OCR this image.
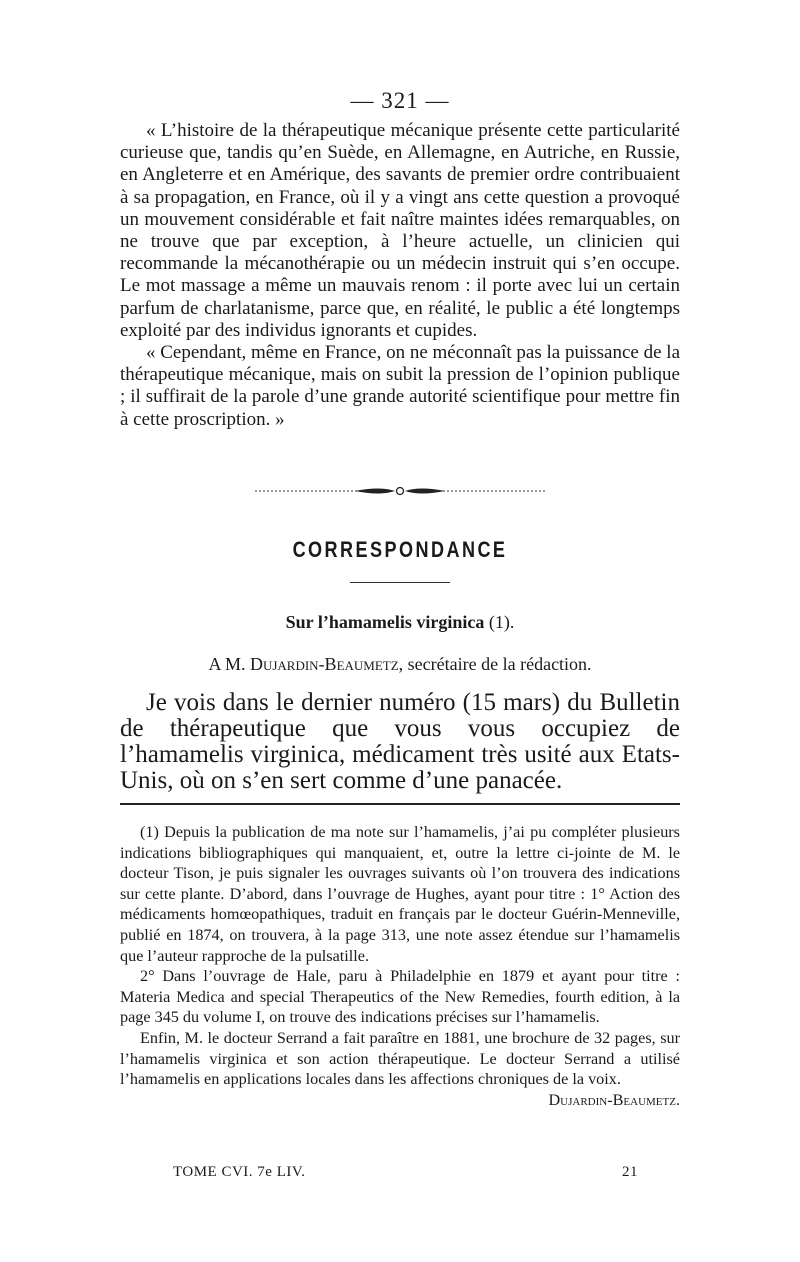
— 321 —

« L’histoire de la thérapeutique mécanique présente cette particularité curieuse que, tandis qu’en Suède, en Allemagne, en Autriche, en Russie, en Angleterre et en Amérique, des savants de premier ordre contribuaient à sa propagation, en France, où il y a vingt ans cette question a provoqué un mouvement considérable et fait naître maintes idées remarquables, on ne trouve que par exception, à l’heure actuelle, un clinicien qui recommande la mécanothérapie ou un médecin instruit qui s’en occupe. Le mot massage a même un mauvais renom : il porte avec lui un certain parfum de charlatanisme, parce que, en réalité, le public a été longtemps exploité par des individus ignorants et cupides.

« Cependant, même en France, on ne méconnaît pas la puissance de la thérapeutique mécanique, mais on subit la pression de l’opinion publique ; il suffirait de la parole d’une grande autorité scientifique pour mettre fin à cette proscription. »

CORRESPONDANCE
Sur l’hamamelis virginica (1).
A M. Dujardin-Beaumetz, secrétaire de la rédaction.

Je vois dans le dernier numéro (15 mars) du Bulletin de thérapeutique que vous vous occupiez de l’hamamelis virginica, médicament très usité aux Etats-Unis, où on s’en sert comme d’une panacée.

(1) Depuis la publication de ma note sur l’hamamelis, j’ai pu compléter plusieurs indications bibliographiques qui manquaient, et, outre la lettre ci-jointe de M. le docteur Tison, je puis signaler les ouvrages suivants où l’on trouvera des indications sur cette plante. D’abord, dans l’ouvrage de Hughes, ayant pour titre : 1° Action des médicaments homœopathiques, traduit en français par le docteur Guérin-Menneville, publié en 1874, on trouvera, à la page 313, une note assez étendue sur l’hamamelis que l’auteur rapproche de la pulsatille.

2° Dans l’ouvrage de Hale, paru à Philadelphie en 1879 et ayant pour titre : Materia Medica and special Therapeutics of the New Remedies, fourth edition, à la page 345 du volume I, on trouve des indications précises sur l’hamamelis.

Enfin, M. le docteur Serrand a fait paraître en 1881, une brochure de 32 pages, sur l’hamamelis virginica et son action thérapeutique. Le docteur Serrand a utilisé l’hamamelis en applications locales dans les affections chroniques de la voix.
Dujardin-Beaumetz.

TOME CVI. 7e LIV.	21
